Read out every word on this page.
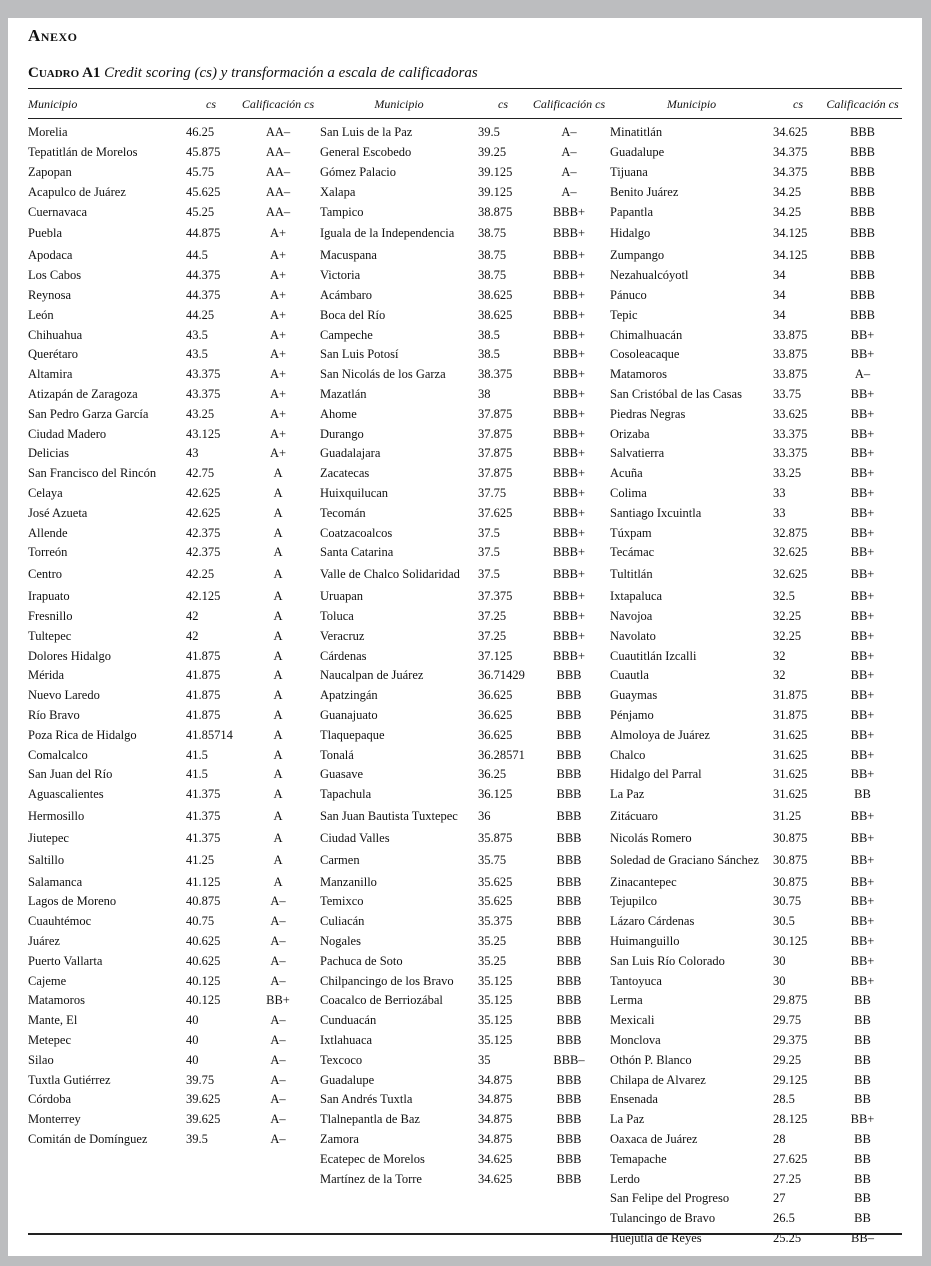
Anexo
Cuadro A1 Credit scoring (cs) y transformación a escala de calificadoras
Municipio	cs	Calificación cs	Municipio	cs	Calificación cs	Municipio	cs	Calificación cs
Morelia	46.25	AA–	San Luis de la Paz	39.5	A–	Minatitlán	34.625	BBB
Tepatitlán de Morelos	45.875	AA–	General Escobedo	39.25	A–	Guadalupe	34.375	BBB
Zapopan	45.75	AA–	Gómez Palacio	39.125	A–	Tijuana	34.375	BBB
Acapulco de Juárez	45.625	AA–	Xalapa	39.125	A–	Benito Juárez	34.25	BBB
Cuernavaca	45.25	AA–	Tampico	38.875	BBB+	Papantla	34.25	BBB
Puebla	44.875	A+	Iguala de la Independencia	38.75	BBB+	Hidalgo	34.125	BBB
Apodaca	44.5	A+	Macuspana	38.75	BBB+	Zumpango	34.125	BBB
Los Cabos	44.375	A+	Victoria	38.75	BBB+	Nezahualcóyotl	34	BBB
Reynosa	44.375	A+	Acámbaro	38.625	BBB+	Pánuco	34	BBB
León	44.25	A+	Boca del Río	38.625	BBB+	Tepic	34	BBB
Chihuahua	43.5	A+	Campeche	38.5	BBB+	Chimalhuacán	33.875	BB+
Querétaro	43.5	A+	San Luis Potosí	38.5	BBB+	Cosoleacaque	33.875	BB+
Altamira	43.375	A+	San Nicolás de los Garza	38.375	BBB+	Matamoros	33.875	A–
Atizapán de Zaragoza	43.375	A+	Mazatlán	38	BBB+	San Cristóbal de las Casas	33.75	BB+
San Pedro Garza García	43.25	A+	Ahome	37.875	BBB+	Piedras Negras	33.625	BB+
Ciudad Madero	43.125	A+	Durango	37.875	BBB+	Orizaba	33.375	BB+
Delicias	43	A+	Guadalajara	37.875	BBB+	Salvatierra	33.375	BB+
San Francisco del Rincón	42.75	A	Zacatecas	37.875	BBB+	Acuña	33.25	BB+
Celaya	42.625	A	Huixquilucan	37.75	BBB+	Colima	33	BB+
José Azueta	42.625	A	Tecomán	37.625	BBB+	Santiago Ixcuintla	33	BB+
Allende	42.375	A	Coatzacoalcos	37.5	BBB+	Túxpam	32.875	BB+
Torreón	42.375	A	Santa Catarina	37.5	BBB+	Tecámac	32.625	BB+
Centro	42.25	A	Valle de Chalco Solidaridad	37.5	BBB+	Tultitlán	32.625	BB+
Irapuato	42.125	A	Uruapan	37.375	BBB+	Ixtapaluca	32.5	BB+
Fresnillo	42	A	Toluca	37.25	BBB+	Navojoa	32.25	BB+
Tultepec	42	A	Veracruz	37.25	BBB+	Navolato	32.25	BB+
Dolores Hidalgo	41.875	A	Cárdenas	37.125	BBB+	Cuautitlán Izcalli	32	BB+
Mérida	41.875	A	Naucalpan de Juárez	36.71429	BBB	Cuautla	32	BB+
Nuevo Laredo	41.875	A	Apatzingán	36.625	BBB	Guaymas	31.875	BB+
Río Bravo	41.875	A	Guanajuato	36.625	BBB	Pénjamo	31.875	BB+
Poza Rica de Hidalgo	41.85714	A	Tlaquepaque	36.625	BBB	Almoloya de Juárez	31.625	BB+
Comalcalco	41.5	A	Tonalá	36.28571	BBB	Chalco	31.625	BB+
San Juan del Río	41.5	A	Guasave	36.25	BBB	Hidalgo del Parral	31.625	BB+
Aguascalientes	41.375	A	Tapachula	36.125	BBB	La Paz	31.625	BB
Hermosillo	41.375	A	San Juan Bautista Tuxtepec	36	BBB	Zitácuaro	31.25	BB+
Jiutepec	41.375	A	Ciudad Valles	35.875	BBB	Nicolás Romero	30.875	BB+
Saltillo	41.25	A	Carmen	35.75	BBB	Soledad de Graciano Sánchez	30.875	BB+
Salamanca	41.125	A	Manzanillo	35.625	BBB	Zinacantepec	30.875	BB+
Lagos de Moreno	40.875	A–	Temixco	35.625	BBB	Tejupilco	30.75	BB+
Cuauhtémoc	40.75	A–	Culiacán	35.375	BBB	Lázaro Cárdenas	30.5	BB+
Juárez	40.625	A–	Nogales	35.25	BBB	Huimanguillo	30.125	BB+
Puerto Vallarta	40.625	A–	Pachuca de Soto	35.25	BBB	San Luis Río Colorado	30	BB+
Cajeme	40.125	A–	Chilpancingo de los Bravo	35.125	BBB	Tantoyuca	30	BB+
Matamoros	40.125	BB+	Coacalco de Berriozábal	35.125	BBB	Lerma	29.875	BB
Mante, El	40	A–	Cunduacán	35.125	BBB	Mexicali	29.75	BB
Metepec	40	A–	Ixtlahuaca	35.125	BBB	Monclova	29.375	BB
Silao	40	A–	Texcoco	35	BBB–	Othón P. Blanco	29.25	BB
Tuxtla Gutiérrez	39.75	A–	Guadalupe	34.875	BBB	Chilapa de Alvarez	29.125	BB
Córdoba	39.625	A–	San Andrés Tuxtla	34.875	BBB	Ensenada	28.5	BB
Monterrey	39.625	A–	Tlalnepantla de Baz	34.875	BBB	La Paz	28.125	BB+
Comitán de Domínguez	39.5	A–	Zamora	34.875	BBB	Oaxaca de Juárez	28	BB
			Ecatepec de Morelos	34.625	BBB	Temapache	27.625	BB
			Martínez de la Torre	34.625	BBB	Lerdo	27.25	BB
						San Felipe del Progreso	27	BB
						Tulancingo de Bravo	26.5	BB
						Huejutla de Reyes	25.25	BB–
